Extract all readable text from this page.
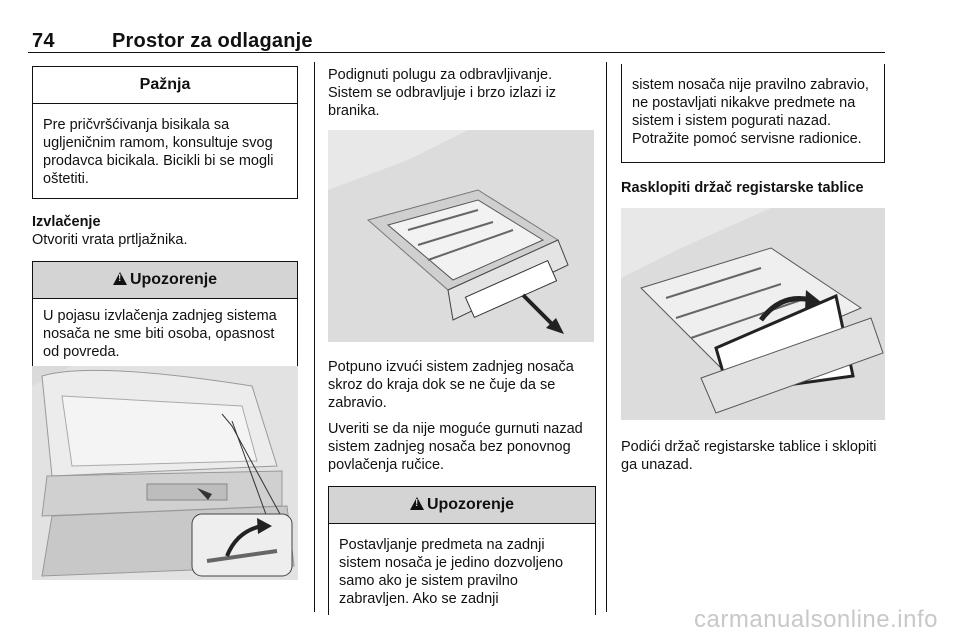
74	Prostor za odlaganje
Pažnja
Pre pričvršćivanja bisikala sa ugljeničnim ramom, konsultuje svog prodavca bicikala. Bicikli bi se mogli oštetiti.

Izvlačenje

Otvoriti vrata prtljažnika.

!Upozorenje
U pojasu izvlačenja zadnjeg sistema nosača ne sme biti osoba, opasnost od povreda.

Podignuti polugu za odbravljivanje. Sistem se odbravljuje i brzo izlazi iz branika.

Potpuno izvući sistem zadnjeg nosača skroz do kraja dok se ne čuje da se zabravio.

Uveriti se da nije moguće gurnuti nazad sistem zadnjeg nosača bez ponovnog povlačenja ručice.

!Upozorenje
Postavljanje predmeta na zadnji sistem nosača je jedino dozvoljeno samo ako je sistem pravilno zabravljen. Ako se zadnji
sistem nosača nije pravilno zabravio, ne postavljati nikakve predmete na sistem i sistem pogurati nazad. Potražite pomoć servisne radionice.

Rasklopiti držač registarske tablice

Podići držač registarske tablice i sklopiti ga unazad.

carmanualsonline.info
